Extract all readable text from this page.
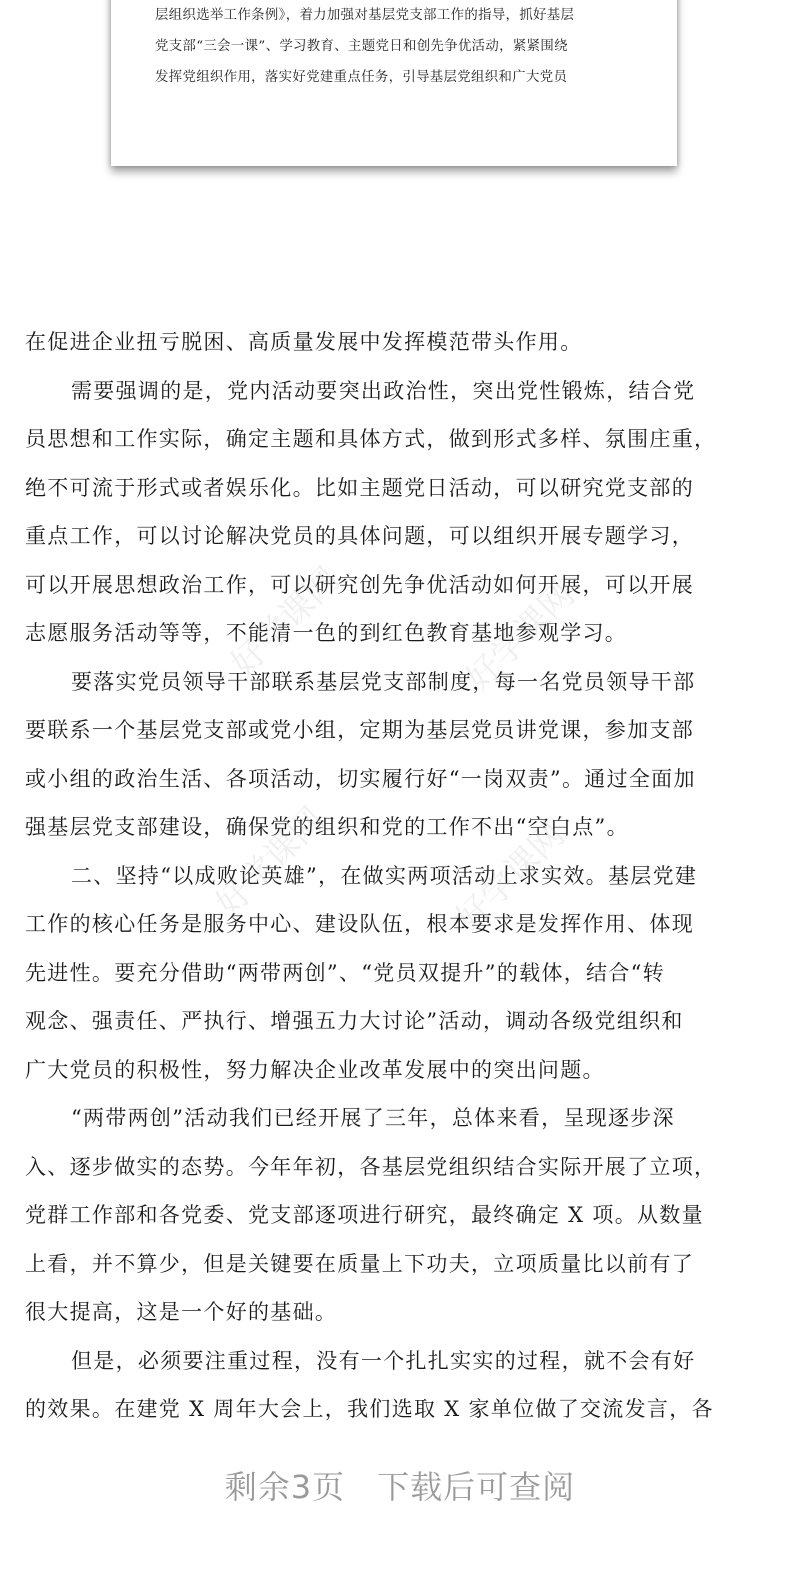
层组织选举工作条例》，着力加强对基层党支部工作的指导，抓好基层
党支部“三会一课”、学习教育、主题党日和创先争优活动，紧紧围绕
发挥党组织作用，落实好党建重点任务，引导基层党组织和广大党员
在促进企业扭亏脱困、高质量发展中发挥模范带头作用。
需要强调的是，党内活动要突出政治性，突出党性锻炼，结合党
员思想和工作实际，确定主题和具体方式，做到形式多样、氛围庄重，
绝不可流于形式或者娱乐化。比如主题党日活动，可以研究党支部的
重点工作，可以讨论解决党员的具体问题，可以组织开展专题学习，
可以开展思想政治工作，可以研究创先争优活动如何开展，可以开展
志愿服务活动等等，不能清一色的到红色教育基地参观学习。
要落实党员领导干部联系基层党支部制度，每一名党员领导干部
要联系一个基层党支部或党小组，定期为基层党员讲党课，参加支部
或小组的政治生活、各项活动，切实履行好“一岗双责”。通过全面加
强基层党支部建设，确保党的组织和党的工作不出“空白点”。
二、坚持“以成败论英雄”，在做实两项活动上求实效。基层党建
工作的核心任务是服务中心、建设队伍，根本要求是发挥作用、体现
先进性。要充分借助“两带两创”、“党员双提升”的载体，结合“转
观念、强责任、严执行、增强五力大讨论”活动，调动各级党组织和
广大党员的积极性，努力解决企业改革发展中的突出问题。
“两带两创”活动我们已经开展了三年，总体来看，呈现逐步深
入、逐步做实的态势。今年年初，各基层党组织结合实际开展了立项，
党群工作部和各党委、党支部逐项进行研究，最终确定 X 项。从数量
上看，并不算少，但是关键要在质量上下功夫，立项质量比以前有了
很大提高，这是一个好的基础。
但是，必须要注重过程，没有一个扎扎实实的过程，就不会有好
的效果。在建党 X 周年大会上，我们选取 X 家单位做了交流发言，各
好学课网	好学课网
好学课网	好学课网
剩余3页 下载后可查阅
